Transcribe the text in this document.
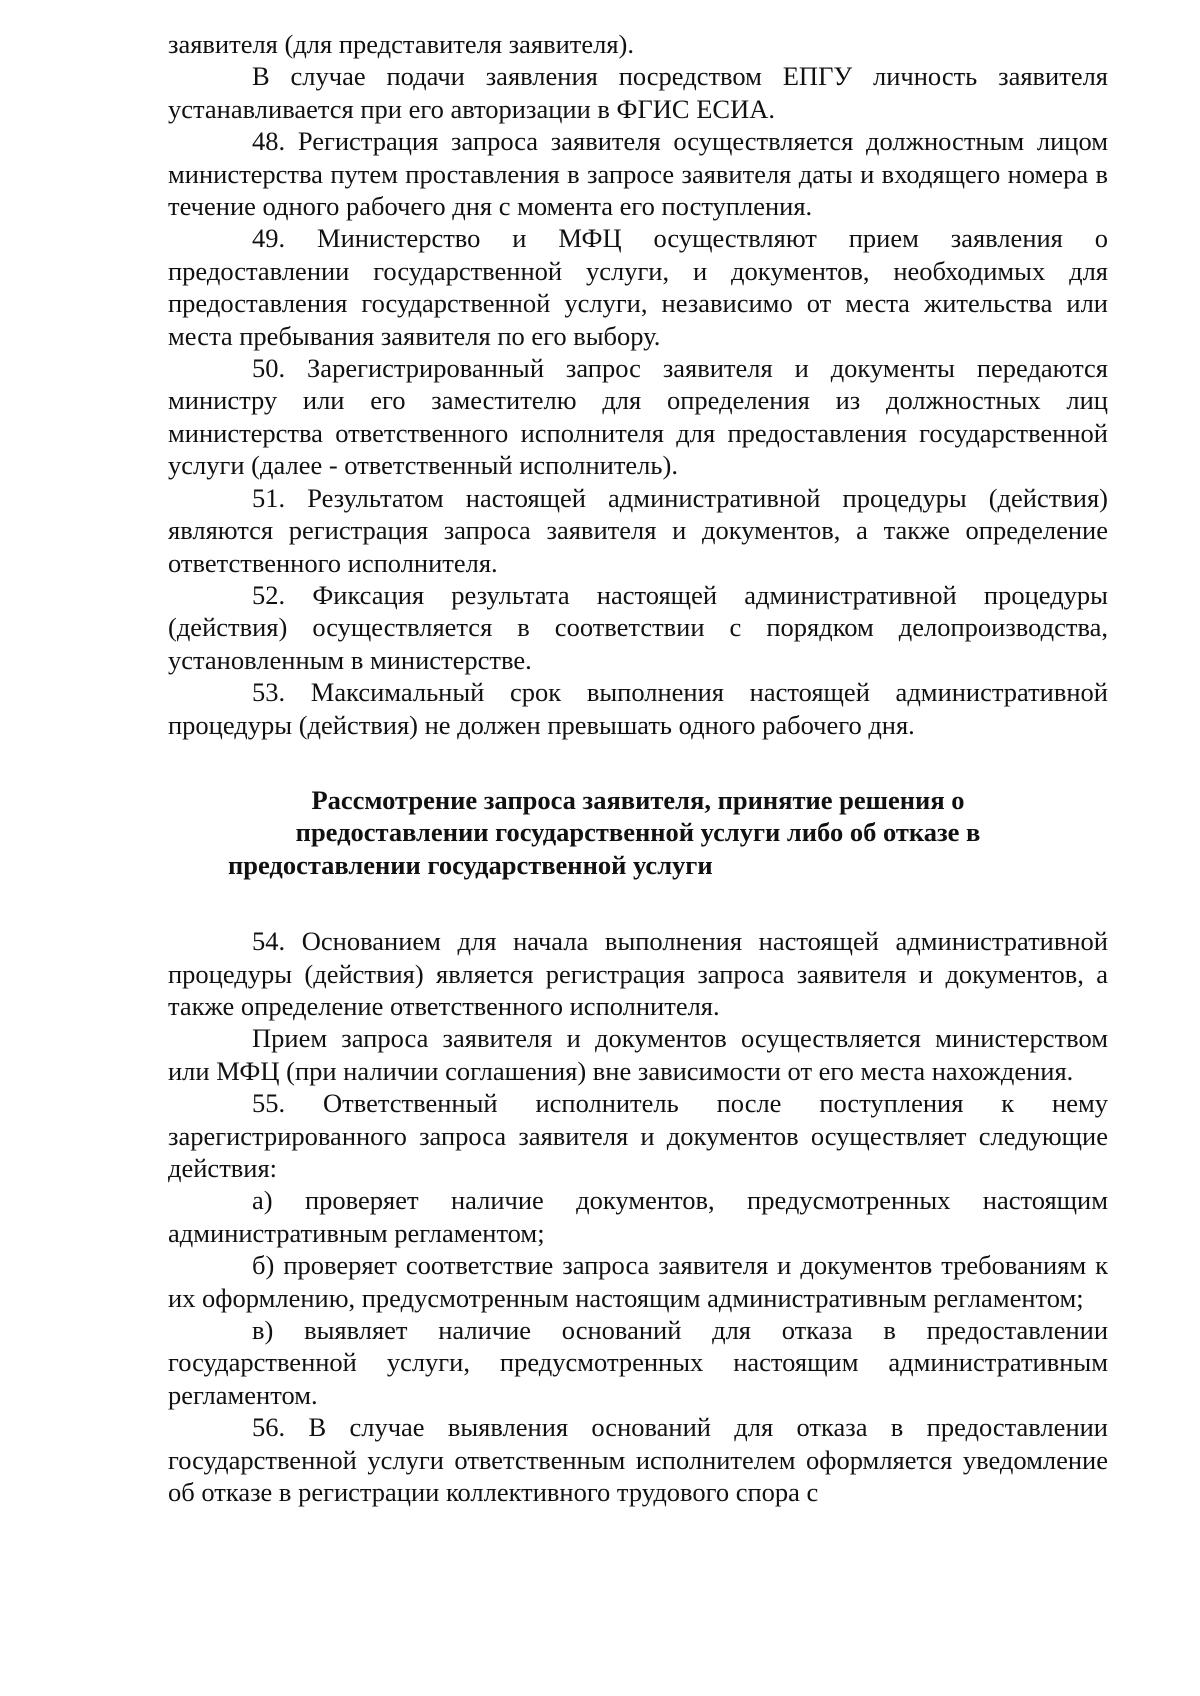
заявителя (для представителя заявителя).

В случае подачи заявления посредством ЕПГУ личность заявителя устанавливается при его авторизации в ФГИС ЕСИА.

48. Регистрация запроса заявителя осуществляется должностным лицом министерства путем проставления в запросе заявителя даты и входящего номера в течение одного рабочего дня с момента его поступления.

49. Министерство и МФЦ осуществляют прием заявления о предоставлении государственной услуги, и документов, необходимых для предоставления государственной услуги, независимо от места жительства или места пребывания заявителя по его выбору.

50. Зарегистрированный запрос заявителя и документы передаются министру или его заместителю для определения из должностных лиц министерства ответственного исполнителя для предоставления государственной услуги (далее - ответственный исполнитель).

51. Результатом настоящей административной процедуры (действия) являются регистрация запроса заявителя и документов, а также определение ответственного исполнителя.

52. Фиксация результата настоящей административной процедуры (действия) осуществляется в соответствии с порядком делопроизводства, установленным в министерстве.

53. Максимальный срок выполнения настоящей административной процедуры (действия) не должен превышать одного рабочего дня.

Рассмотрение запроса заявителя, принятие решения о предоставлении государственной услуги либо об отказе в предоставлении государственной услуги

54. Основанием для начала выполнения настоящей административной процедуры (действия) является регистрация запроса заявителя и документов, а также определение ответственного исполнителя.

Прием запроса заявителя и документов осуществляется министерством или МФЦ (при наличии соглашения) вне зависимости от его места нахождения.

55. Ответственный исполнитель после поступления к нему зарегистрированного запроса заявителя и документов осуществляет следующие действия:

а) проверяет наличие документов, предусмотренных настоящим административным регламентом;

б) проверяет соответствие запроса заявителя и документов требованиям к их оформлению, предусмотренным настоящим административным регламентом;

в) выявляет наличие оснований для отказа в предоставлении государственной услуги, предусмотренных настоящим административным регламентом.

56. В случае выявления оснований для отказа в предоставлении государственной услуги ответственным исполнителем оформляется уведомление об отказе в регистрации коллективного трудового спора с
